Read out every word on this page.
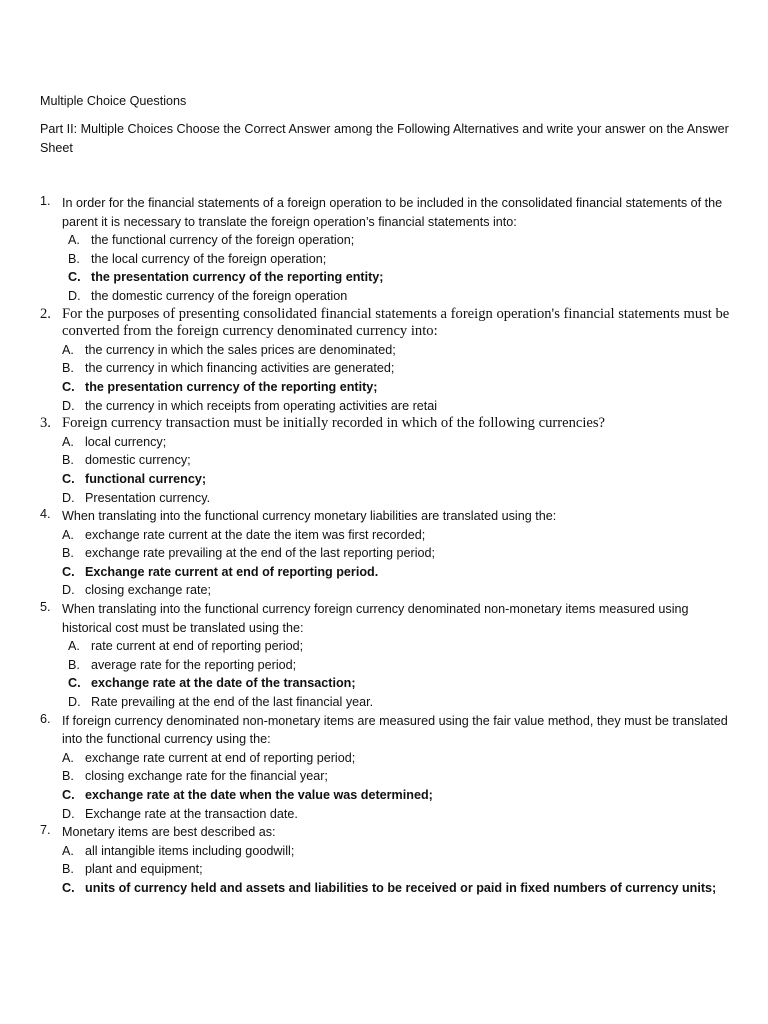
Multiple Choice Questions
Part II: Multiple Choices Choose the Correct Answer among the Following Alternatives and write your answer on the Answer Sheet
1. In order for the financial statements of a foreign operation to be included in the consolidated financial statements of the parent it is necessary to translate the foreign operation’s financial statements into:
A. the functional currency of the foreign operation;
B. the local currency of the foreign operation;
C. the presentation currency of the reporting entity;
D. the domestic currency of the foreign operation
2. For the purposes of presenting consolidated financial statements a foreign operation's financial statements must be converted from the foreign currency denominated currency into:
A. the currency in which the sales prices are denominated;
B. the currency in which financing activities are generated;
C. the presentation currency of the reporting entity;
D. the currency in which receipts from operating activities are retai
3. Foreign currency transaction must be initially recorded in which of the following currencies?
A. local currency;
B. domestic currency;
C. functional currency;
D. Presentation currency.
4. When translating into the functional currency monetary liabilities are translated using the:
A. exchange rate current at the date the item was first recorded;
B. exchange rate prevailing at the end of the last reporting period;
C. Exchange rate current at end of reporting period.
D. closing exchange rate;
5. When translating into the functional currency foreign currency denominated non-monetary items measured using historical cost must be translated using the:
A. rate current at end of reporting period;
B. average rate for the reporting period;
C. exchange rate at the date of the transaction;
D. Rate prevailing at the end of the last financial year.
6. If foreign currency denominated non-monetary items are measured using the fair value method, they must be translated into the functional currency using the:
A. exchange rate current at end of reporting period;
B. closing exchange rate for the financial year;
C. exchange rate at the date when the value was determined;
D. Exchange rate at the transaction date.
7. Monetary items are best described as:
A. all intangible items including goodwill;
B. plant and equipment;
C. units of currency held and assets and liabilities to be received or paid in fixed numbers of currency units;
